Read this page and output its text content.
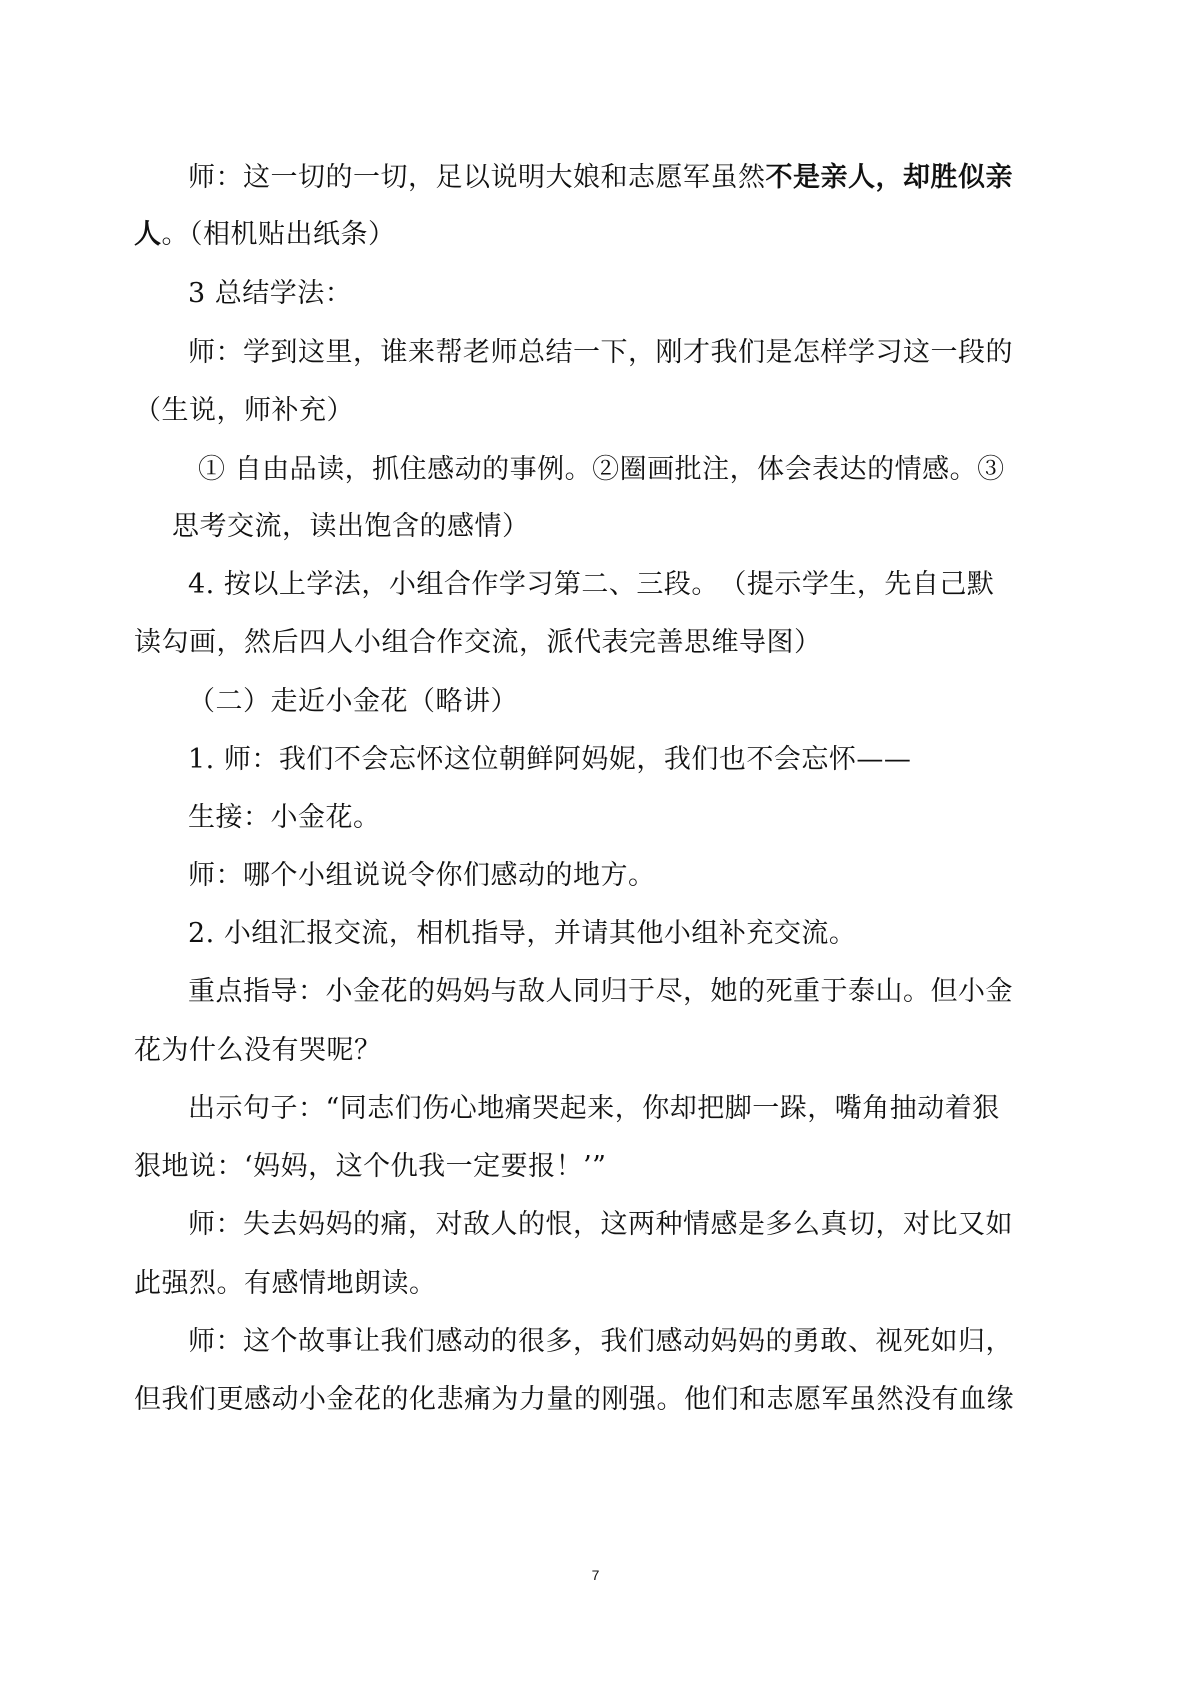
师：这一切的一切，足以说明大娘和志愿军虽然不是亲人，却胜似亲
人。（相机贴出纸条）
3 总结学法：
师：学到这里，谁来帮老师总结一下，刚才我们是怎样学习这一段的
（生说，师补充）
① 自由品读，抓住感动的事例。②圈画批注，体会表达的情感。③
思考交流，读出饱含的感情）
4. 按以上学法，小组合作学习第二、三段。　（提示学生，先自己默
读勾画，然后四人小组合作交流，派代表完善思维导图）
（二）走近小金花（略讲）
1. 师：我们不会忘怀这位朝鲜阿妈妮，我们也不会忘怀——
生接：小金花。
师：哪个小组说说令你们感动的地方。
2. 小组汇报交流，相机指导，并请其他小组补充交流。
重点指导：小金花的妈妈与敌人同归于尽，她的死重于泰山。但小金
花为什么没有哭呢？
出示句子：“同志们伤心地痛哭起来，你却把脚一跺，嘴角抽动着狠
狠地说：‘妈妈，这个仇我一定要报！’”
师：失去妈妈的痛，对敌人的恨，这两种情感是多么真切，对比又如
此强烈。有感情地朗读。
师：这个故事让我们感动的很多，我们感动妈妈的勇敢、视死如归，
但我们更感动小金花的化悲痛为力量的刚强。他们和志愿军虽然没有血缘
7
